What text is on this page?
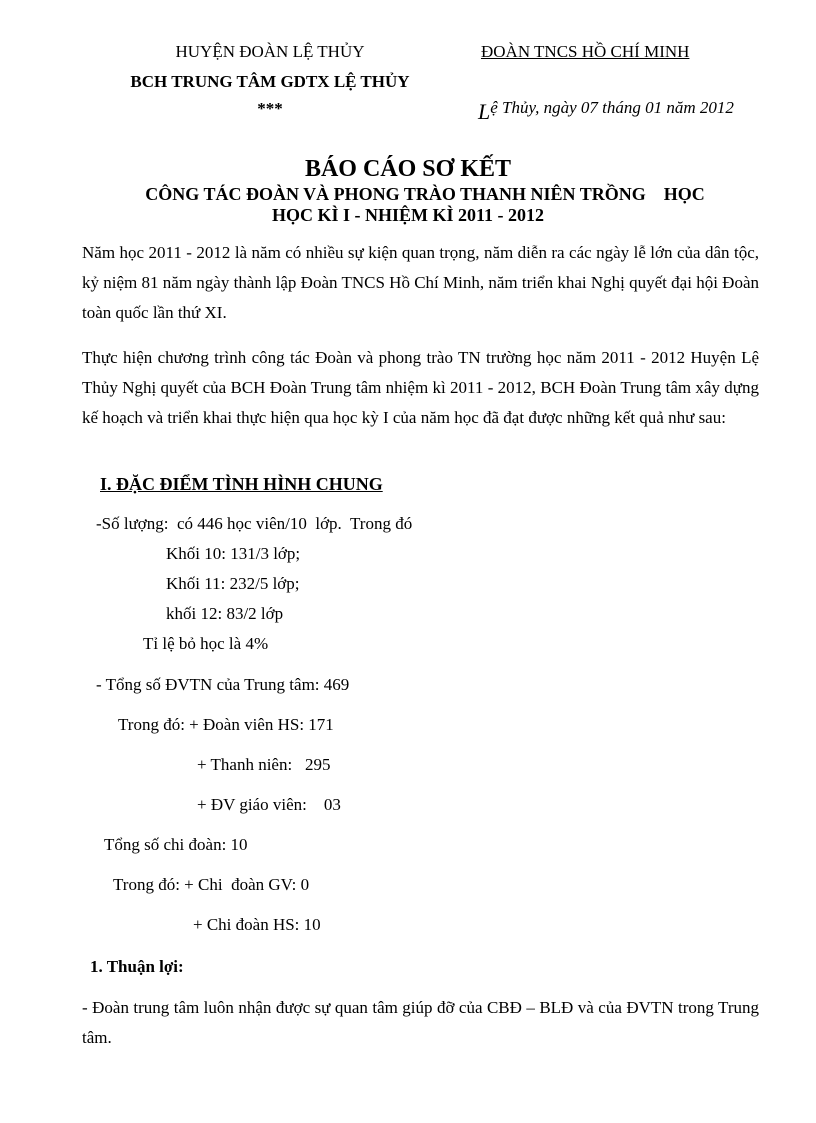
HUYỆN ĐOÀN LỆ THỦY
BCH TRUNG TÂM GDTX LỆ THỦY
***
ĐOÀN TNCS HỒ CHÍ MINH
Lệ Thủy, ngày 07 tháng 01 năm 2012
BÁO CÁO SƠ KẾT
CÔNG TÁC ĐOÀN VÀ PHONG TRÀO THANH NIÊN TRỒNG    HỌC
HỌC KÌ I - NHIỆM KÌ 2011 - 2012
Năm học 2011 - 2012 là năm có nhiều sự kiện quan trọng, năm diễn ra các ngày lễ lớn của dân tộc, kỷ niệm 81 năm ngày thành lập Đoàn TNCS Hồ Chí Minh, năm triển khai Nghị quyết đại hội Đoàn toàn quốc lần thứ XI.
Thực hiện chương trình công tác Đoàn và phong trào TN trường học năm 2011 - 2012 Huyện Lệ Thủy Nghị quyết của BCH Đoàn Trung tâm nhiệm kì 2011 - 2012, BCH Đoàn Trung tâm xây dựng kế hoạch và triển khai thực hiện qua học kỳ I của năm học đã đạt được những kết quả như sau:
I. ĐẶC ĐIỂM TÌNH HÌNH CHUNG
-Số lượng:  có 446 học viên/10  lớp.  Trong đó
Khối 10: 131/3 lớp;
Khối 11: 232/5 lớp;
khối 12: 83/2 lớp
Tỉ lệ bỏ học là 4%
- Tổng số ĐVTN của Trung tâm: 469
Trong đó: + Đoàn viên HS: 171
+ Thanh niên:   295
+ ĐV giáo viên:    03
Tổng số chi đoàn: 10
Trong đó: + Chi  đoàn GV: 0
+ Chi đoàn HS: 10
1. Thuận lợi:
- Đoàn trung tâm luôn nhận được sự quan tâm giúp đỡ của CBĐ – BLĐ và của ĐVTN trong Trung tâm.
